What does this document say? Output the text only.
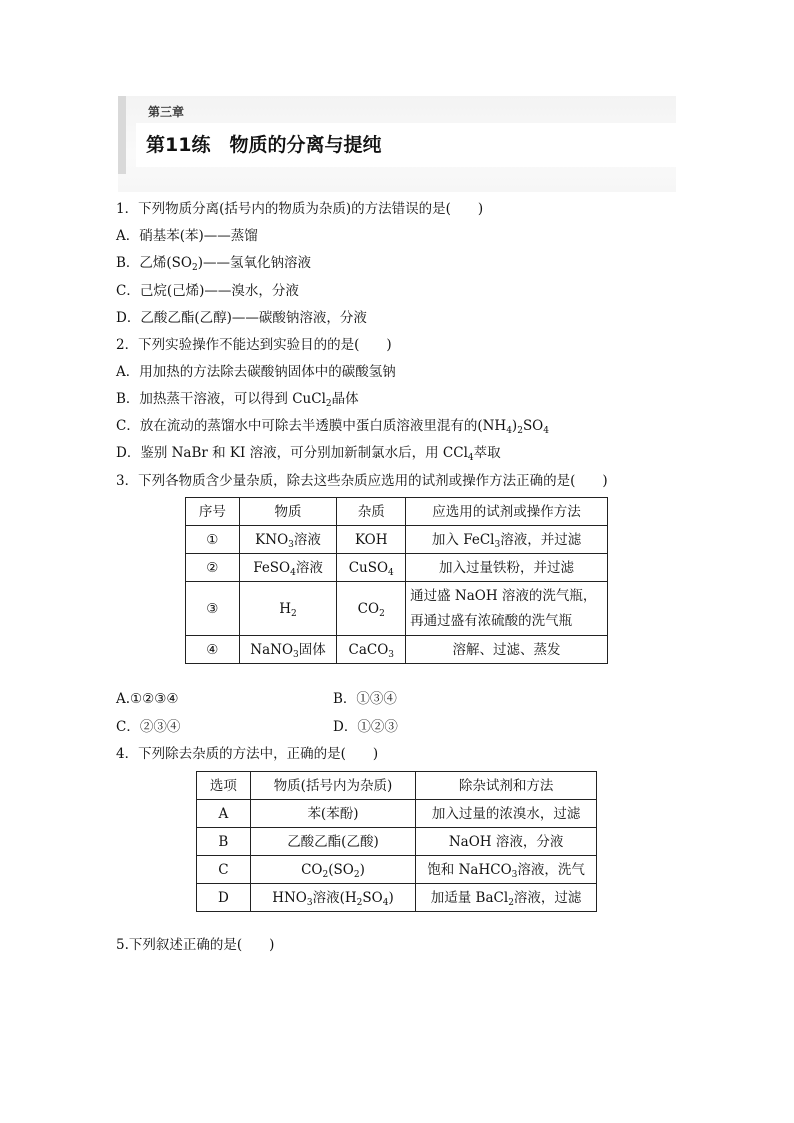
第三章
第11练　物质的分离与提纯
1．下列物质分离(括号内的物质为杂质)的方法错误的是(　　)
A．硝基苯(苯)——蒸馏
B．乙烯$(SO_2)——$氢氧化钠溶液
C．己烷(己烯)——溴水，分液
D．乙酸乙酯(乙醇)——碳酸钠溶液，分液
2．下列实验操作不能达到实验目的的是(　　)
A．用加热的方法除去碳酸钠固体中的碳酸氢钠
B．加热蒸干溶液，可以得到 CuCl$_2$晶体
C．放在流动的蒸馏水中可除去半透膜中蛋白质溶液里混有的$(NH_4)_2SO_4$
D．鉴别 NaBr 和 KI 溶液，可分别加新制氯水后，用 CCl$_4$萃取
3．下列各物质含少量杂质，除去这些杂质应选用的试剂或操作方法正确的是(　　)
序号	物质	杂质	应选用的试剂或操作方法
①	$KNO_3$溶液	KOH	加入 FeCl$_3$溶液，并过滤
②	FeSO$_4$溶液	CuSO$_4$	加入过量铁粉，并过滤
③	$H_2$	$CO_2$	通过盛 NaOH 溶液的洗气瓶，
再通过盛有浓硫酸的洗气瓶

④	NaNO$_3$固体	CaCO$_3$	溶解、过滤、蒸发
A.①②③④	B．①③④
C．②③④	D．①②③
4．下列除去杂质的方法中，正确的是(　　)
选项	物质(括号内为杂质)	除杂试剂和方法
A	苯(苯酚)	加入过量的浓溴水，过滤
B	乙酸乙酯(乙酸)	NaOH 溶液，分液
C	$CO_2(SO_2)$	饱和 NaHCO$_3$溶液，洗气
D	$HNO_3$溶液$(H_2SO_4)$	加适量 BaCl$_2$溶液，过滤
5.下列叙述正确的是(　　)
